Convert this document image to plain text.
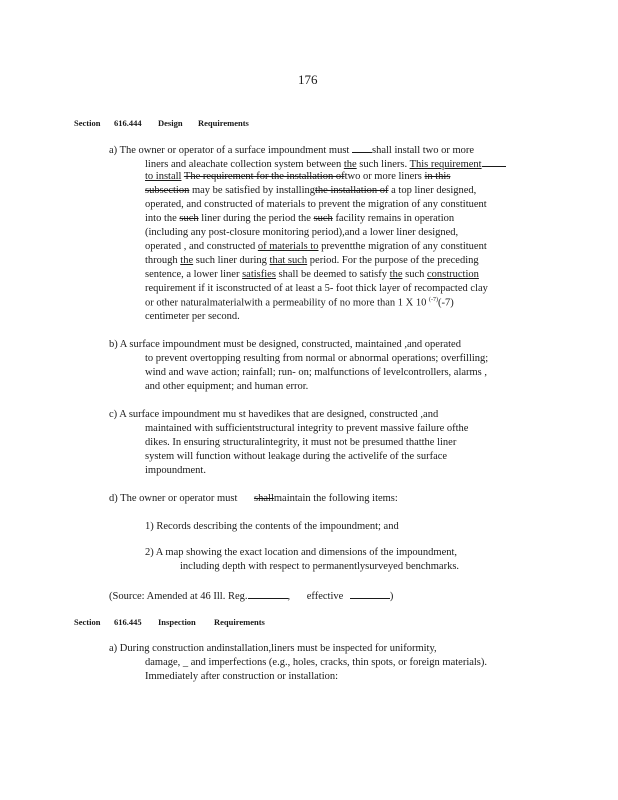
176
Section 616.444 Design Requirements
a) The owner or operator of a surface impoundment must shall install two or more
liners and aleachate collection system between the such liners. This requirement
to install The requirement for the installation oftwo or more liners in this
subsection may be satisfied by installingthe installation of a top liner designed,
operated, and constructed of materials to prevent the migration of any constituent
into the such liner during the period the such facility remains in operation
(including any post-closure monitoring period),and a lower liner designed,
operated , and constructed of materials to preventthe migration of any constituent
through the such liner during that such period. For the purpose of the preceding
sentence, a lower liner satisfies shall be deemed to satisfy the such construction
requirement if it isconstructed of at least a 5- foot thick layer of recompacted clay
or other naturalmaterialwith a permeability of no more than 1 X 10 $^{(-7)}$(-7)
centimeter per second.
b) A surface impoundment must be designed, constructed, maintained ,and operated
to prevent overtopping resulting from normal or abnormal operations; overfilling;
wind and wave action; rainfall; run- on; malfunctions of levelcontrollers, alarms ,
and other equipment; and human error.
c) A surface impoundment mu st havedikes that are designed, constructed ,and
maintained with sufficientstructural integrity to prevent massive failure ofthe
dikes. In ensuring structuralintegrity, it must not be presumed thatthe liner
system will function without leakage during the activelife of the surface
impoundment.
d) The owner or operator must shallmaintain the following items:
1) Records describing the contents of the impoundment; and
2) A map showing the exact location and dimensions of the impoundment,
including depth with respect to permanentlysurveyed benchmarks.
(Source: Amended at 46 Ill. Reg.	, effective	)
Section 616.445 Inspection Requirements
a) During construction andinstallation,liners must be inspected for uniformity,
damage, _ and imperfections (e.g., holes, cracks, thin spots, or foreign materials).
Immediately after construction or installation:
